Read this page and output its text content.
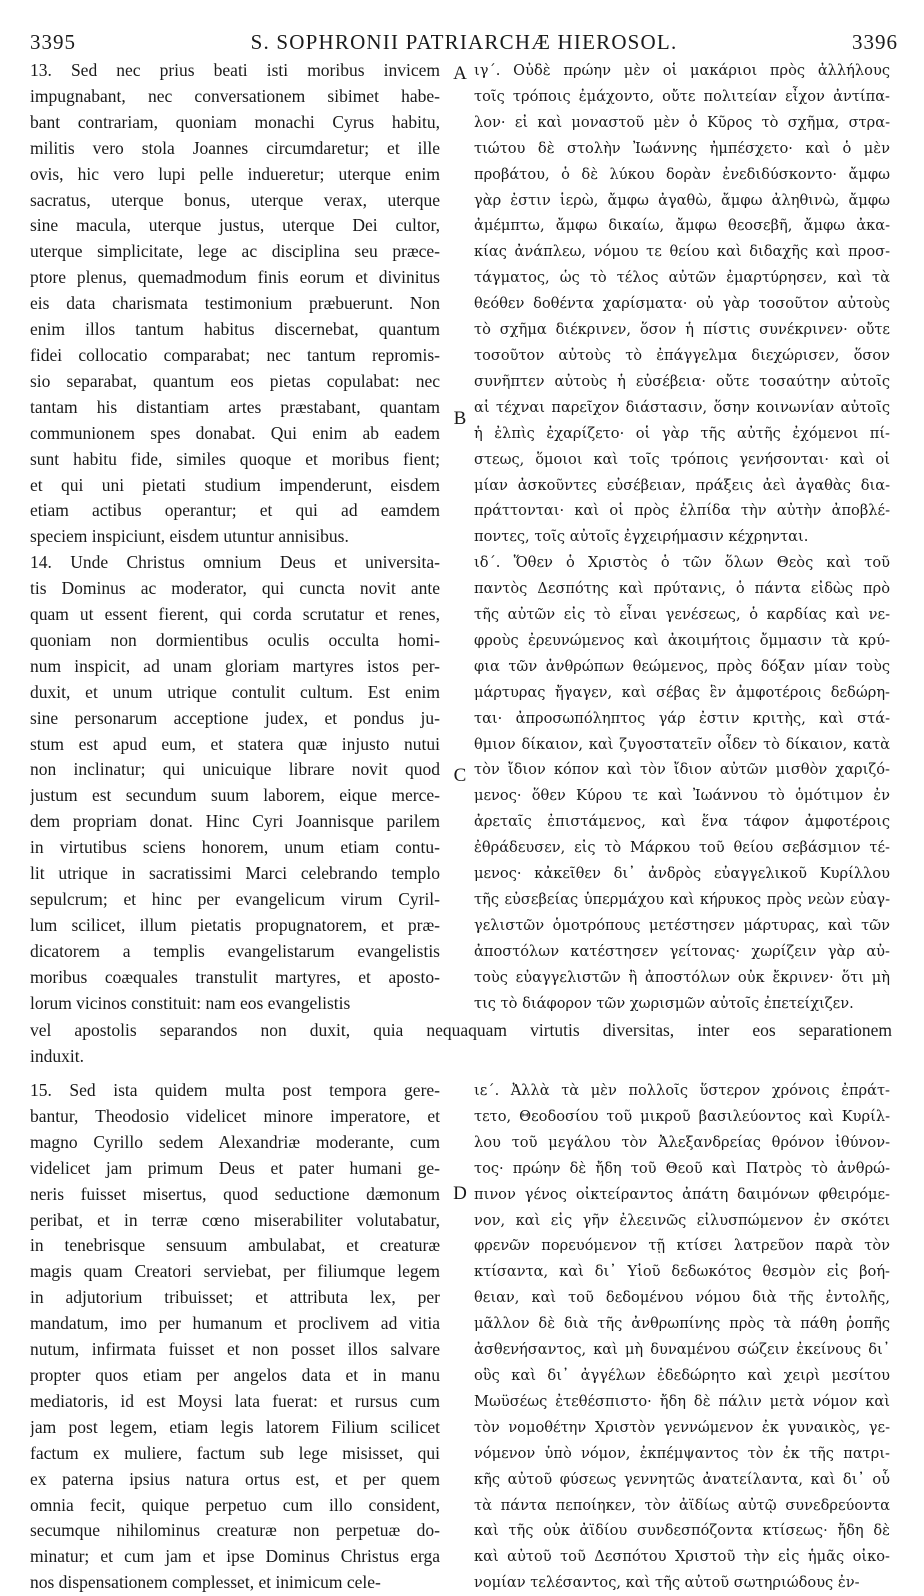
3395	S. SOPHRONII PATRIARCHÆ HIEROSOL.	3396
13. Sed nec prius beati isti moribus invicem
impugnabant, nec conversationem sibimet habe-
bant contrariam, quoniam monachi Cyrus habitu,
militis vero stola Joannes circumdaretur; et ille
ovis, hic vero lupi pelle indueretur; uterque enim
sacratus, uterque bonus, uterque verax, uterque
sine macula, uterque justus, uterque Dei cultor,
uterque simplicitate, lege ac disciplina seu præce-
ptore plenus, quemadmodum finis eorum et divinitus
eis data charismata testimonium præbuerunt. Non
enim illos tantum habitus discernebat, quantum
fidei collocatio comparabat; nec tantum repromis-
sio separabat, quantum eos pietas copulabat: nec
tantam his distantiam artes præstabant, quantam
communionem spes donabat. Qui enim ab eadem
sunt habitu fide, similes quoque et moribus fient;
et qui uni pietati studium impenderunt, eisdem
etiam actibus operantur; et qui ad eamdem
speciem inspiciunt, eisdem utuntur annisibus.
14. Unde Christus omnium Deus et universita-
tis Dominus ac moderator, qui cuncta novit ante
quam ut essent fierent, qui corda scrutatur et renes,
quoniam non dormientibus oculis occulta homi-
num inspicit, ad unam gloriam martyres istos per-
duxit, et unum utrique contulit cultum. Est enim
sine personarum acceptione judex, et pondus ju-
stum est apud eum, et statera quæ injusto nutui
non inclinatur; qui unicuique librare novit quod
justum est secundum suum laborem, eique merce-
dem propriam donat. Hinc Cyri Joannisque parilem
in virtutibus sciens honorem, unum etiam contu-
lit utrique in sacratissimi Marci celebrando templo
sepulcrum; et hinc per evangelicum virum Cyril-
lum scilicet, illum pietatis propugnatorem, et præ-
dicatorem a templis evangelistarum evangelistis
moribus coæquales transtulit martyres, et aposto-
lorum vicinos constituit: nam eos evangelistis
ιγ΄. Οὐδὲ πρώην μὲν οἱ μακάριοι πρὸς ἀλλήλους
τοῖς τρόποις ἐμάχοντο, οὔτε πολιτείαν εἶχον ἀντίπα-
λον· εἰ καὶ μοναστοῦ μὲν ὁ Κῦρος τὸ σχῆμα, στρα-
τιώτου δὲ στολὴν Ἰωάννης ἠμπέσχετο· καὶ ὁ μὲν
προβάτου, ὁ δὲ λύκου δορὰν ἐνεδιδύσκοντο· ἄμφω
γὰρ ἐστιν ἱερὼ, ἄμφω ἀγαθὼ, ἄμφω ἀληθινὼ, ἄμφω
ἀμέμπτω, ἄμφω δικαίω, ἄμφω θεοσεβῆ, ἄμφω ἀκα-
κίας ἀνάπλεω, νόμου τε θείου καὶ διδαχῆς καὶ προσ-
τάγματος, ὡς τὸ τέλος αὐτῶν ἐμαρτύρησεν, καὶ τὰ
θεόθεν δοθέντα χαρίσματα· οὐ γὰρ τοσοῦτον αὐτοὺς
τὸ σχῆμα διέκρινεν, ὅσον ἡ πίστις συνέκρινεν· οὔτε
τοσοῦτον αὐτοὺς τὸ ἐπάγγελμα διεχώρισεν, ὅσον
συνῆπτεν αὐτοὺς ἡ εὐσέβεια· οὔτε τοσαύτην αὐτοῖς
αἱ τέχναι παρεῖχον διάστασιν, ὅσην κοινωνίαν αὐτοῖς
ἡ ἐλπὶς ἐχαρίζετο· οἱ γὰρ τῆς αὐτῆς ἐχόμενοι πί-
στεως, ὅμοιοι καὶ τοῖς τρόποις γενήσονται· καὶ οἱ
μίαν ἀσκοῦντες εὐσέβειαν, πράξεις ἀεὶ ἀγαθὰς δια-
πράττονται· καὶ οἱ πρὸς ἐλπίδα τὴν αὐτὴν ἀποβλέ-
ποντες, τοῖς αὐτοῖς ἐγχειρήμασιν κέχρηνται.
ιδ΄. Ὅθεν ὁ Χριστὸς ὁ τῶν ὅλων Θεὸς καὶ τοῦ
παντὸς Δεσπότης καὶ πρύτανις, ὁ πάντα εἰδὼς πρὸ
τῆς αὐτῶν εἰς τὸ εἶναι γενέσεως, ὁ καρδίας καὶ νε-
φροὺς ἐρευνώμενος καὶ ἀκοιμήτοις ὄμμασιν τὰ κρύ-
φια τῶν ἀνθρώπων θεώμενος, πρὸς δόξαν μίαν τοὺς
μάρτυρας ἤγαγεν, καὶ σέβας ἓν ἀμφοτέροις δεδώρη-
ται· ἀπροσωπόληπτος γάρ ἐστιν κριτὴς, καὶ στά-
θμιον δίκαιον, καὶ ζυγοστατεῖν οἶδεν τὸ δίκαιον, κατὰ
τὸν ἴδιον κόπον καὶ τὸν ἴδιον αὐτῶν μισθὸν χαριζό-
μενος· ὅθεν Κύρου τε καὶ Ἰωάννου τὸ ὁμότιμον ἐν
ἀρεταῖς ἐπιστάμενος, καὶ ἕνα τάφον ἀμφοτέροις
ἐθράδευσεν, εἰς τὸ Μάρκου τοῦ θείου σεβάσμιον τέ-
μενος· κἀκεῖθεν δι᾽ ἀνδρὸς εὐαγγελικοῦ Κυρίλλου
τῆς εὐσεβείας ὑπερμάχου καὶ κήρυκος πρὸς νεὼν εὐαγ-
γελιστῶν ὁμοτρόπους μετέστησεν μάρτυρας, καὶ τῶν
ἀποστόλων κατέστησεν γείτονας· χωρίζειν γὰρ αὐ-
τοὺς εὐαγγελιστῶν ἢ ἀποστόλων οὐκ ἔκρινεν· ὅτι μὴ
τις τὸ διάφορον τῶν χωρισμῶν αὐτοῖς ἐπετείχιζεν.
vel apostolis separandos non duxit, quia nequaquam virtutis diversitas, inter eos separationem
induxit.
15. Sed ista quidem multa post tempora gere-
bantur, Theodosio videlicet minore imperatore, et
magno Cyrillo sedem Alexandriæ moderante, cum
videlicet jam primum Deus et pater humani ge-
neris fuisset misertus, quod seductione dæmonum
peribat, et in terræ cœno miserabiliter volutabatur,
in tenebrisque sensuum ambulabat, et creaturæ
magis quam Creatori serviebat, per filiumque legem
in adjutorium tribuisset; et attributa lex, per
mandatum, imo per humanum et proclivem ad vitia
nutum, infirmata fuisset et non posset illos salvare
propter quos etiam per angelos data et in manu
mediatoris, id est Moysi lata fuerat: et rursus cum
jam post legem, etiam legis latorem Filium scilicet
factum ex muliere, factum sub lege misisset, qui
ex paterna ipsius natura ortus est, et per quem
omnia fecit, quique perpetuo cum illo consident,
secumque nihilominus creaturæ non perpetuæ do-
minatur; et cum jam et ipse Dominus Christus erga
nos dispensationem complesset, et inimicum cele-
ιε΄. Ἀλλὰ τὰ μὲν πολλοῖς ὕστερον χρόνοις ἐπράτ-
τετο, Θεοδοσίου τοῦ μικροῦ βασιλεύοντος καὶ Κυρίλ-
λου τοῦ μεγάλου τὸν Ἀλεξανδρείας θρόνον ἰθύνον-
τος· πρώην δὲ ἤδη τοῦ Θεοῦ καὶ Πατρὸς τὸ ἀνθρώ-
πινον γένος οἰκτείραντος ἀπάτη δαιμόνων φθειρόμε-
νον, καὶ εἰς γῆν ἐλεεινῶς εἰλυσπώμενον ἐν σκότει
φρενῶν πορευόμενον τῇ κτίσει λατρεῦον παρὰ τὸν
κτίσαντα, καὶ δι᾽ Υἱοῦ δεδωκότος θεσμὸν εἰς βοή-
θειαν, καὶ τοῦ δεδομένου νόμου διὰ τῆς ἐντολῆς,
μᾶλλον δὲ διὰ τῆς ἀνθρωπίνης πρὸς τὰ πάθη ῥοπῆς
ἀσθενήσαντος, καὶ μὴ δυναμένου σώζειν ἐκείνους δι᾽
οὓς καὶ δι᾽ ἀγγέλων ἐδεδώρητο καὶ χειρὶ μεσίτου
Μωϋσέως ἐτεθέσπιστο· ἤδη δὲ πάλιν μετὰ νόμον καὶ
τὸν νομοθέτην Χριστὸν γεννώμενον ἐκ γυναικὸς, γε-
νόμενον ὑπὸ νόμον, ἐκπέμψαντος τὸν ἐκ τῆς πατρι-
κῆς αὐτοῦ φύσεως γεννητῶς ἀνατείλαντα, καὶ δι᾽ οὗ
τὰ πάντα πεποίηκεν, τὸν ἀϊδίως αὐτῷ συνεδρεύοντα
καὶ τῆς οὐκ ἀϊδίου συνδεσπόζοντα κτίσεως· ἤδη δὲ
καὶ αὐτοῦ τοῦ Δεσπότου Χριστοῦ τὴν εἰς ἡμᾶς οἰκο-
νομίαν τελέσαντος, καὶ τῆς αὐτοῦ σωτηριώδους ἐν-
A
B
C
D
